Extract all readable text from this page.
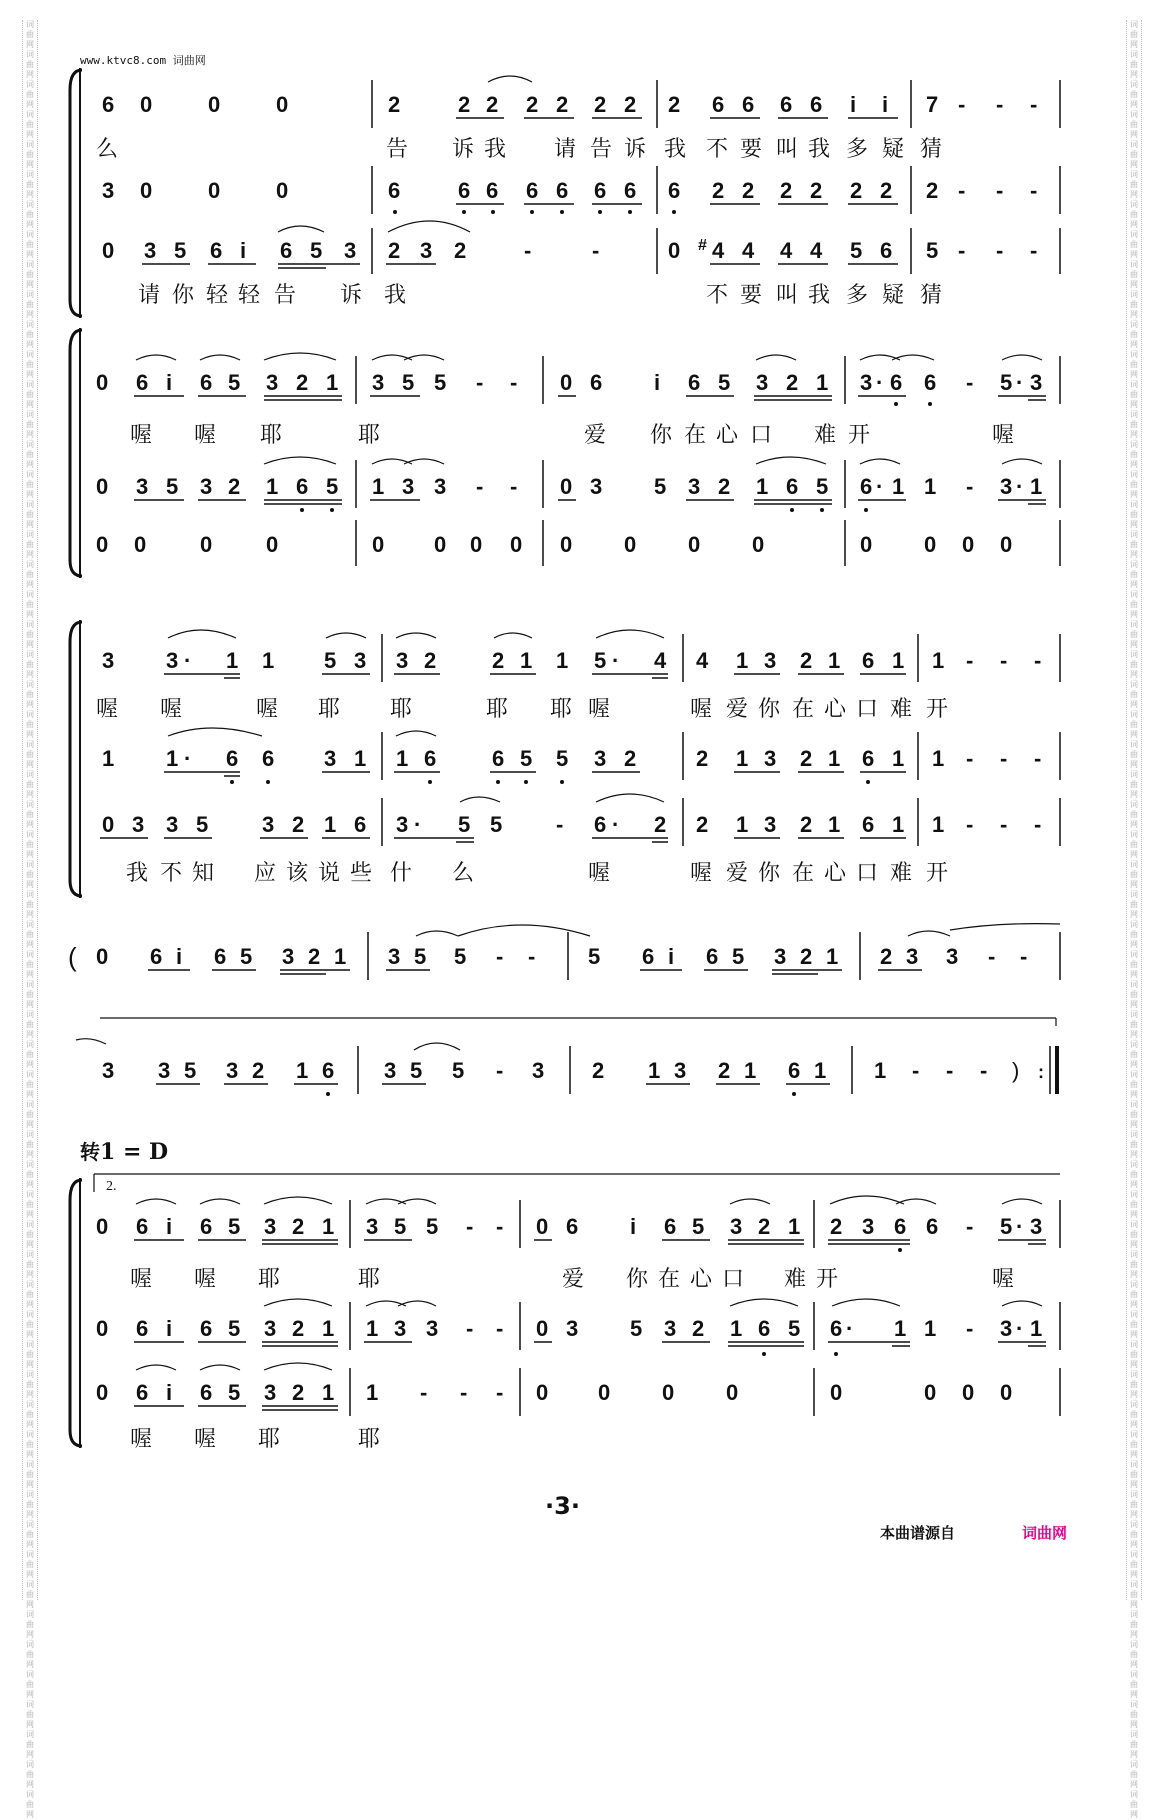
词曲网词曲网词曲网词曲网词曲网词曲网词曲网词曲网词曲网词曲网词曲网词曲网词曲网词曲网词曲网词曲网词曲网词曲网词曲网词曲网词曲网词曲网词曲网词曲网词曲网词曲网词曲网词曲网词曲网词曲网词曲网词曲网词曲网词曲网词曲网词曲网词曲网词曲网词曲网词曲网词曲网词曲网词曲网词曲网词曲网词曲网词曲网词曲网词曲网词曲网词曲网词曲网词曲网词曲网词曲网词曲网词曲网词曲网词曲网词曲网
词曲网词曲网词曲网词曲网词曲网词曲网词曲网词曲网词曲网词曲网词曲网词曲网词曲网词曲网词曲网词曲网词曲网词曲网词曲网词曲网词曲网词曲网词曲网词曲网词曲网词曲网词曲网词曲网词曲网词曲网词曲网词曲网词曲网词曲网词曲网词曲网词曲网词曲网词曲网词曲网词曲网词曲网词曲网词曲网词曲网词曲网词曲网词曲网词曲网词曲网词曲网词曲网词曲网词曲网词曲网词曲网词曲网词曲网词曲网词曲网
www.ktvc8.com 词曲网
转1 = D
·3·
本曲谱源自	词曲网
6 0	0	0	2	2 2 2 2 2 2 2 6 6 6 6 i i 7 - - -
么	告 诉 我 请 告 诉 我 不 要 叫 我 多 疑 猜
3 0	0	0	6	6 6 6 6 6 6 6 2 2 2 2 2 2 2 - - -
0 3 5 6 i 6 5 3 2 3 2	-	-	0 # 4 4 4 4 5 6 5 - - -
请 你 轻 轻 告 诉 我	不 要 叫 我 多 疑 猜
0 6 i 6 5 3 2 1 3 5 5 - - 0 6 i 6 5 3 2 1 3 · 6 6 - 5 · 3
喔 喔 耶	耶	爱 你 在 心 口 难 开	喔
0 3 5 3 2 1 6 5 1 3 3 - - 0 3 5 3 2 1 6 5 6 · 1 1 - 3 · 1
0 0 0 0	0 0 0 0 0 0 0 0	0 0 0 0
3 3 · 1 1 5 3 3 2	2 1 1 5 · 4 4 1 3 2 1 6 1 1 - - -
喔 喔	喔 耶 耶	耶 耶 喔	喔 爱 你 在 心 口 难 开
1 1 · 6 6 3 1 1 6	6 5 5 3 2	2 1 3 2 1 6 1 1 - - -
0 3 3 5 3 2 1 6 3 · 5 5 - 6 · 2 2 1 3 2 1 6 1 1 - - -
我 不 知 应 该 说 些 什 么	喔	喔 爱 你 在 心 口 难 开
( 0 6 i 6 5 3 2 1 3 5 5 - - 5 6 i 6 5 3 2 1 2 3 3 - -
3 3 5 3 2 1 6 3 5 5 - 3 2 1 3 2 1 6 1 1 - - - ) :
2.
0 6 i 6 5 3 2 1 3 5 5 - - 0 6 i 6 5 3 2 1 2 3 6 6 - 5 · 3
喔 喔 耶	耶	爱 你 在 心 口 难 开	喔
0 6 i 6 5 3 2 1 1 3 3 - - 0 3 5 3 2 1 6 5 6 · 1 1 - 3 · 1
0 6 i 6 5 3 2 1 1 - - - 0 0 0 0	0	0 0 0
喔 喔 耶	耶
